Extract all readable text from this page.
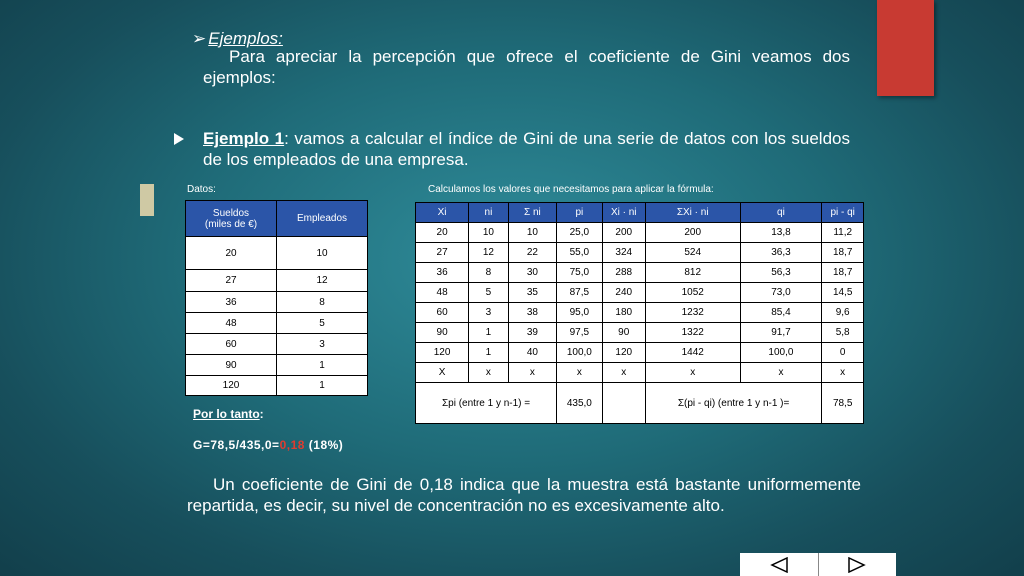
➢ Ejemplos:
Para apreciar la percepción que ofrece el coeficiente de Gini veamos dos ejemplos:
Ejemplo 1: vamos a calcular el índice de Gini de una serie de datos con los sueldos de los empleados de una empresa.
Datos:	Calculamos los valores que necesitamos para aplicar la fórmula:
Sueldos
(miles de €)	Empleados
20	10
27	12
36	8
48	5
60	3
90	1
120	1
Xi	ni	Σ ni	pi	Xi · ni	ΣXi · ni	qi	pi - qi
20	10	10	25,0	200	200	13,8	11,2
27	12	22	55,0	324	524	36,3	18,7
36	8	30	75,0	288	812	56,3	18,7
48	5	35	87,5	240	1052	73,0	14,5
60	3	38	95,0	180	1232	85,4	9,6
90	1	39	97,5	90	1322	91,7	5,8
120	1	40	100,0	120	1442	100,0	0
X	x	x	x	x	x	x	x
Σpi (entre 1 y n-1) =			435,0		Σ(pi - qi) (entre 1 y n-1 )=		78,5
Por lo tanto:
G=78,5/435,0=0,18 (18%)
Un coeficiente de Gini de 0,18 indica que la muestra está bastante uniformemente repartida, es decir, su nivel de concentración no es excesivamente alto.
